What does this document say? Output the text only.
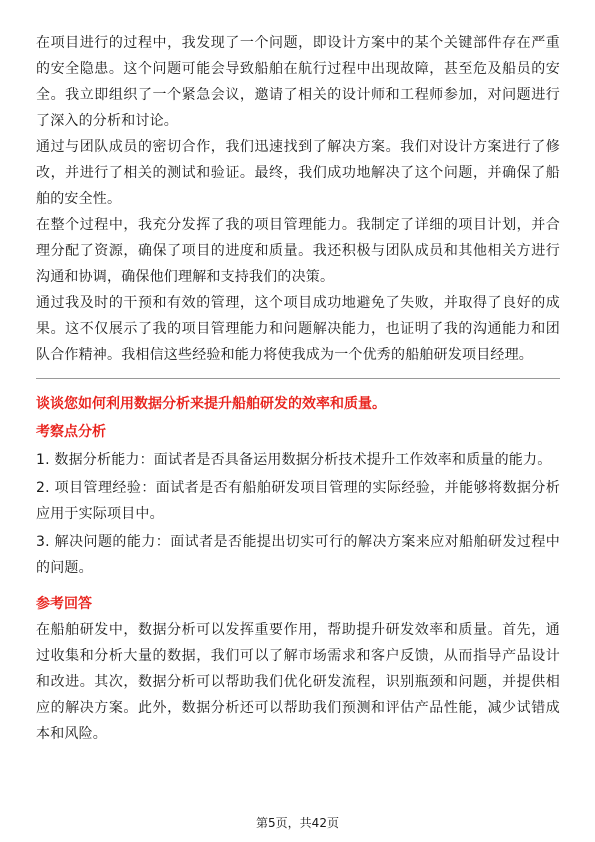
在项目进行的过程中，我发现了一个问题，即设计方案中的某个关键部件存在严重的安全隐患。这个问题可能会导致船舶在航行过程中出现故障，甚至危及船员的安全。我立即组织了一个紧急会议，邀请了相关的设计师和工程师参加，对问题进行了深入的分析和讨论。

通过与团队成员的密切合作，我们迅速找到了解决方案。我们对设计方案进行了修改，并进行了相关的测试和验证。最终，我们成功地解决了这个问题，并确保了船舶的安全性。

在整个过程中，我充分发挥了我的项目管理能力。我制定了详细的项目计划，并合理分配了资源，确保了项目的进度和质量。我还积极与团队成员和其他相关方进行沟通和协调，确保他们理解和支持我们的决策。

通过我及时的干预和有效的管理，这个项目成功地避免了失败，并取得了良好的成果。这不仅展示了我的项目管理能力和问题解决能力，也证明了我的沟通能力和团队合作精神。我相信这些经验和能力将使我成为一个优秀的船舶研发项目经理。

谈谈您如何利用数据分析来提升船舶研发的效率和质量。

考察点分析

1. 数据分析能力：面试者是否具备运用数据分析技术提升工作效率和质量的能力。

2. 项目管理经验：面试者是否有船舶研发项目管理的实际经验，并能够将数据分析应用于实际项目中。

3. 解决问题的能力：面试者是否能提出切实可行的解决方案来应对船舶研发过程中的问题。

参考回答

在船舶研发中，数据分析可以发挥重要作用，帮助提升研发效率和质量。首先，通过收集和分析大量的数据，我们可以了解市场需求和客户反馈，从而指导产品设计和改进。其次，数据分析可以帮助我们优化研发流程，识别瓶颈和问题，并提供相应的解决方案。此外，数据分析还可以帮助我们预测和评估产品性能，减少试错成本和风险。

第5页，共42页
